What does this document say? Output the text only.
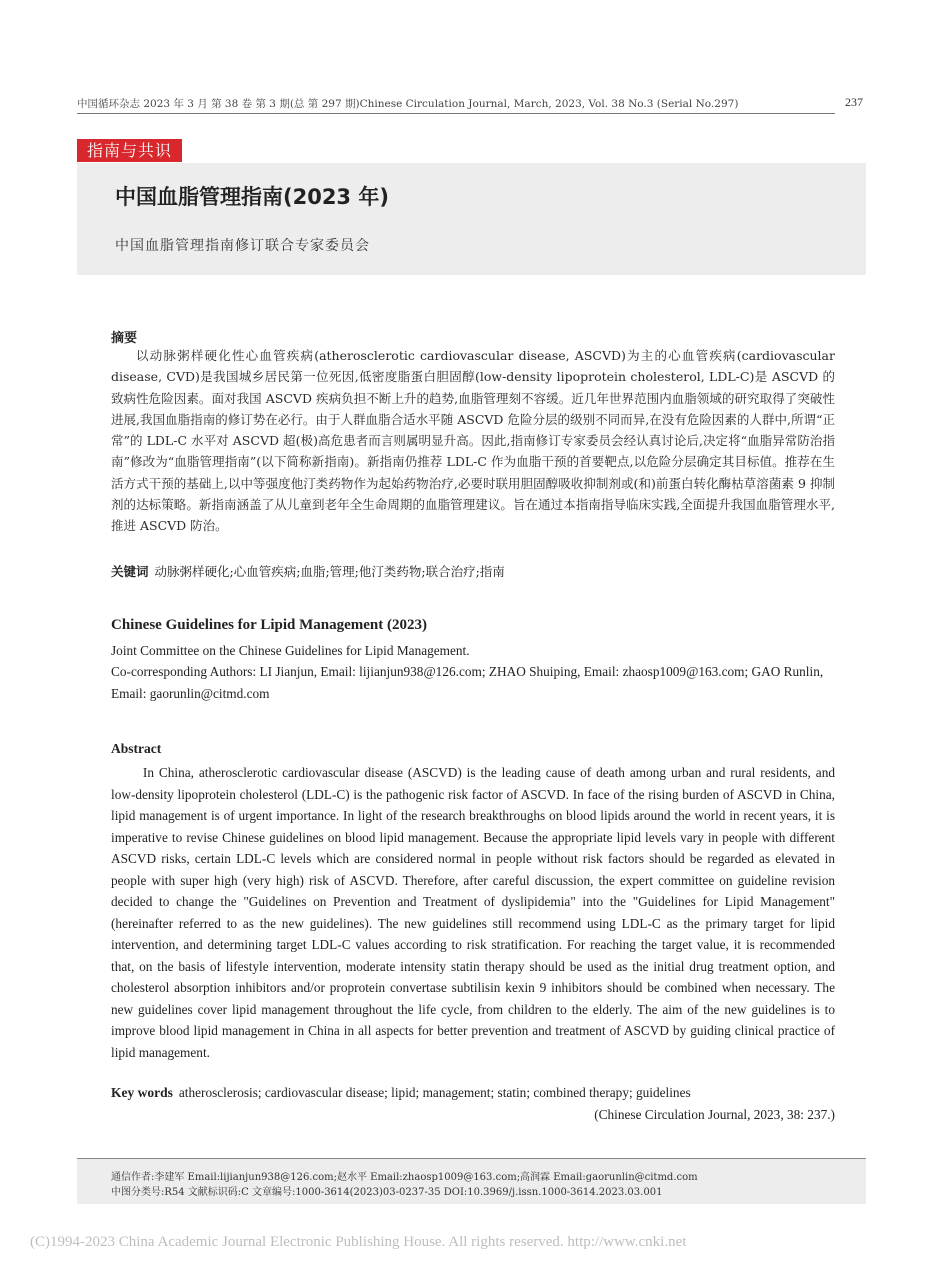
中国循环杂志 2023 年 3 月 第 38 卷 第 3 期(总 第 297 期)Chinese Circulation Journal, March, 2023, Vol. 38 No.3 (Serial No.297)	237
指南与共识
中国血脂管理指南(2023 年)
中国血脂管理指南修订联合专家委员会
摘要
以动脉粥样硬化性心血管疾病(atherosclerotic cardiovascular disease, ASCVD)为主的心血管疾病(cardiovascular disease, CVD)是我国城乡居民第一位死因,低密度脂蛋白胆固醇(low-density lipoprotein cholesterol, LDL-C)是 ASCVD 的致病性危险因素。面对我国 ASCVD 疾病负担不断上升的趋势,血脂管理刻不容缓。近几年世界范围内血脂领域的研究取得了突破性进展,我国血脂指南的修订势在必行。由于人群血脂合适水平随 ASCVD 危险分层的级别不同而异,在没有危险因素的人群中,所谓“正常”的 LDL-C 水平对 ASCVD 超(极)高危患者而言则属明显升高。因此,指南修订专家委员会经认真讨论后,决定将“血脂异常防治指南”修改为“血脂管理指南”(以下简称新指南)。新指南仍推荐 LDL-C 作为血脂干预的首要靶点,以危险分层确定其目标值。推荐在生活方式干预的基础上,以中等强度他汀类药物作为起始药物治疗,必要时联用胆固醇吸收抑制剂或(和)前蛋白转化酶枯草溶菌素 9 抑制剂的达标策略。新指南涵盖了从儿童到老年全生命周期的血脂管理建议。旨在通过本指南指导临床实践,全面提升我国血脂管理水平,推进 ASCVD 防治。
关键词 动脉粥样硬化;心血管疾病;血脂;管理;他汀类药物;联合治疗;指南
Chinese Guidelines for Lipid Management (2023)
Joint Committee on the Chinese Guidelines for Lipid Management.
Co-corresponding Authors: LI Jianjun, Email: lijianjun938@126.com; ZHAO Shuiping, Email: zhaosp1009@163.com; GAO Runlin, Email: gaorunlin@citmd.com
Abstract
In China, atherosclerotic cardiovascular disease (ASCVD) is the leading cause of death among urban and rural residents, and low-density lipoprotein cholesterol (LDL-C) is the pathogenic risk factor of ASCVD. In face of the rising burden of ASCVD in China, lipid management is of urgent importance. In light of the research breakthroughs on blood lipids around the world in recent years, it is imperative to revise Chinese guidelines on blood lipid management. Because the appropriate lipid levels vary in people with different ASCVD risks, certain LDL-C levels which are considered normal in people without risk factors should be regarded as elevated in people with super high (very high) risk of ASCVD. Therefore, after careful discussion, the expert committee on guideline revision decided to change the "Guidelines on Prevention and Treatment of dyslipidemia" into the "Guidelines for Lipid Management" (hereinafter referred to as the new guidelines). The new guidelines still recommend using LDL-C as the primary target for lipid intervention, and determining target LDL-C values according to risk stratification. For reaching the target value, it is recommended that, on the basis of lifestyle intervention, moderate intensity statin therapy should be used as the initial drug treatment option, and cholesterol absorption inhibitors and/or proprotein convertase subtilisin kexin 9 inhibitors should be combined when necessary. The new guidelines cover lipid management throughout the life cycle, from children to the elderly. The aim of the new guidelines is to improve blood lipid management in China in all aspects for better prevention and treatment of ASCVD by guiding clinical practice of lipid management.
Key words atherosclerosis; cardiovascular disease; lipid; management; statin; combined therapy; guidelines
(Chinese Circulation Journal, 2023, 38: 237.)
通信作者:李建军 Email:lijianjun938@126.com;赵水平 Email:zhaosp1009@163.com;高润霖 Email:gaorunlin@citmd.com
中图分类号:R54 文献标识码:C 文章编号:1000-3614(2023)03-0237-35 DOI:10.3969/j.issn.1000-3614.2023.03.001
(C)1994-2023 China Academic Journal Electronic Publishing House. All rights reserved. http://www.cnki.net
